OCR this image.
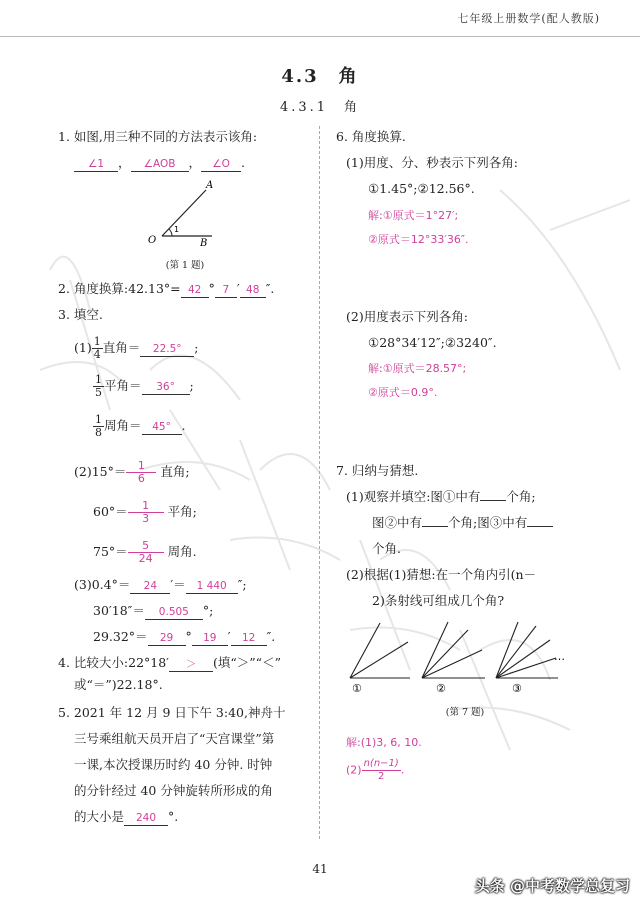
七年级上册数学(配人教版)
4.3　角
4.3.1　角
1. 如图,用三种不同的方法表示该角:
∠1 ， ∠AOB ， ∠O .
O
A
B
1
(第 1 题)
2. 角度换算:42.13°= 42 ° 7 ′ 48 ″.
3. 填空.
$(1) \frac{1}{4}$ 直角＝ 22.5° ;
$\frac{1}{5}$ 平角＝ 36° ;
$\frac{1}{8}$ 周角＝ 45° .
$(2)15^\circ= \frac{1}{6}$ 直角;
$60^\circ= \frac{1}{3}$ 平角;
$75^\circ= \frac{5}{24}$ 周角.
(3)0.4°＝ 24 ′＝ 1 440 ″;
30′18″＝ 0.505 °;
29.32°＝ 29 ° 19 ′ 12 ″.
4. 比较大小:22°18′ ＞ (填“＞”“＜”
或“＝”)22.18°.
5. 2021 年 12 月 9 日下午 3:40,神舟十
三号乘组航天员开启了“天宫课堂”第
一课,本次授课历时约 40 分钟. 时钟
的分针经过 40 分钟旋转所形成的角
的大小是 240 °.
6. 角度换算.
(1)用度、分、秒表示下列各角:
①1.45°;②12.56°.
解:①原式＝1°27′;
②原式＝12°33′36″.
(2)用度表示下列各角:
①28°34′12″;②3240″.
解:①原式＝28.57°;
②原式＝0.9°.
7. 归纳与猜想.
(1)观察并填空:图①中有 个角;
图②中有 个角;图③中有
个角.
(2)根据(1)猜想:在一个角内引(n－
2)条射线可组成几个角?
①	②	③
…
(第 7 题)
解:(1)3, 6, 10.
$(2) \frac{n(n-1)}{2}$ .
41
头条 @中考数学总复习
